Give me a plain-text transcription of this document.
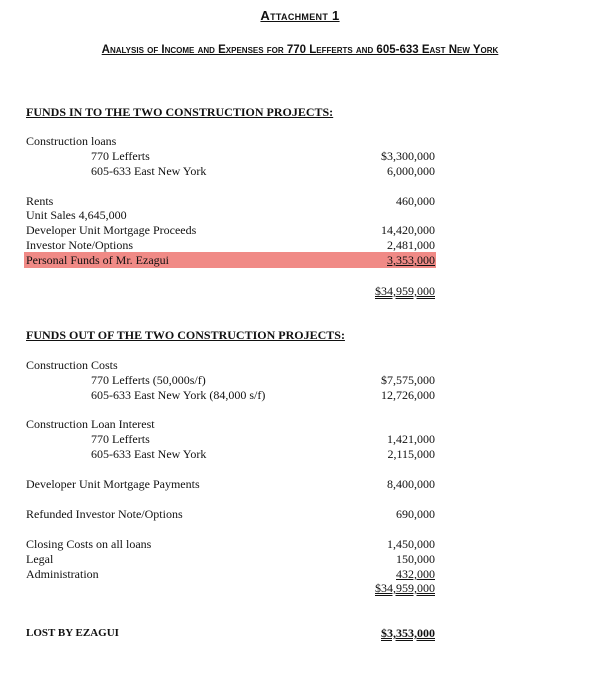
Attachment 1
Analysis of Income and Expenses for 770 Lefferts and 605-633 East New York
FUNDS IN TO THE TWO CONSTRUCTION PROJECTS:
Construction loans
770 Lefferts	$3,300,000
605-633 East New York	6,000,000
Rents	460,000
Unit Sales 4,645,000
Developer Unit Mortgage Proceeds	14,420,000
Investor Note/Options	2,481,000
Personal Funds of Mr. Ezagui	3,353,000
$34,959,000
FUNDS OUT OF THE TWO CONSTRUCTION PROJECTS:
Construction Costs
770 Lefferts (50,000s/f)	$7,575,000
605-633 East New York (84,000 s/f)	12,726,000
Construction Loan Interest
770 Lefferts	1,421,000
605-633 East New York	2,115,000
Developer Unit Mortgage Payments	8,400,000
Refunded Investor Note/Options	690,000
Closing Costs on all loans	1,450,000
Legal	150,000
Administration	432,000
$34,959,000
LOST BY EZAGUI	$3,353,000
